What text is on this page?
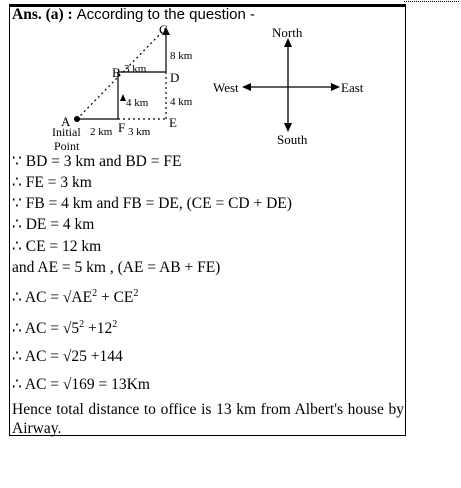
Ans. (a) : According to the question -
C
8 km
B 3 km
D
4 km 4 km
E
A
Initial 2 km F 3 km
Point
North
South
West	East
∵ BD = 3 km and BD = FE
∴ FE = 3 km
∵ FB = 4 km and FB = DE, (CE = CD + DE)
∴ DE = 4 km
∴ CE = 12 km
and AE = 5 km , (AE = AB + FE)
∴ AC = $√AE^2 + CE^2$
∴ AC = $√5^2 +12^2$
∴ AC = √25 +144
∴ AC = √169 = 13Km
Hence total distance to office is 13 km from Albert's house by Airway.
